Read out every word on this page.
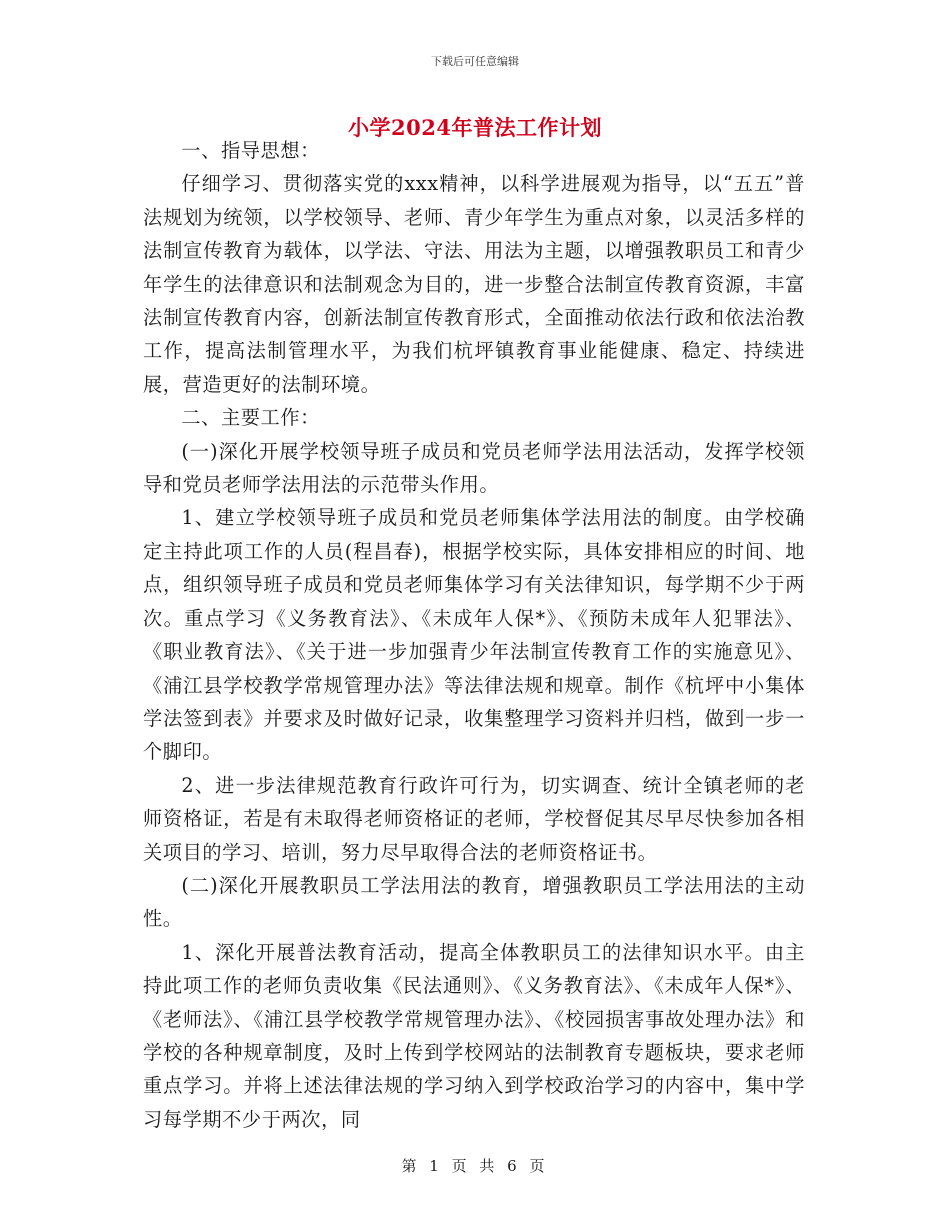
下载后可任意编辑
小学2024年普法工作计划

一、指导思想：

仔细学习、贯彻落实党的xxx精神，以科学进展观为指导，以“五五”普法规划为统领，以学校领导、老师、青少年学生为重点对象，以灵活多样的法制宣传教育为载体，以学法、守法、用法为主题，以增强教职员工和青少年学生的法律意识和法制观念为目的，进一步整合法制宣传教育资源，丰富法制宣传教育内容，创新法制宣传教育形式，全面推动依法行政和依法治教工作，提高法制管理水平，为我们杭坪镇教育事业能健康、稳定、持续进展，营造更好的法制环境。

二、主要工作：

(一)深化开展学校领导班子成员和党员老师学法用法活动，发挥学校领导和党员老师学法用法的示范带头作用。

1、建立学校领导班子成员和党员老师集体学法用法的制度。由学校确定主持此项工作的人员(程昌春)，根据学校实际，具体安排相应的时间、地点，组织领导班子成员和党员老师集体学习有关法律知识，每学期不少于两次。重点学习《义务教育法》、《未成年人保*》、《预防未成年人犯罪法》、《职业教育法》、《关于进一步加强青少年法制宣传教育工作的实施意见》、《浦江县学校教学常规管理办法》等法律法规和规章。制作《杭坪中小集体学法签到表》并要求及时做好记录，收集整理学习资料并归档，做到一步一个脚印。

2、进一步法律规范教育行政许可行为，切实调查、统计全镇老师的老师资格证，若是有未取得老师资格证的老师，学校督促其尽早尽快参加各相关项目的学习、培训，努力尽早取得合法的老师资格证书。

(二)深化开展教职员工学法用法的教育，增强教职员工学法用法的主动性。

1、深化开展普法教育活动，提高全体教职员工的法律知识水平。由主持此项工作的老师负责收集《民法通则》、《义务教育法》、《未成年人保*》、《老师法》、《浦江县学校教学常规管理办法》、《校园损害事故处理办法》和学校的各种规章制度，及时上传到学校网站的法制教育专题板块，要求老师重点学习。并将上述法律法规的学习纳入到学校政治学习的内容中，集中学习每学期不少于两次，同

第 1 页 共 6 页
